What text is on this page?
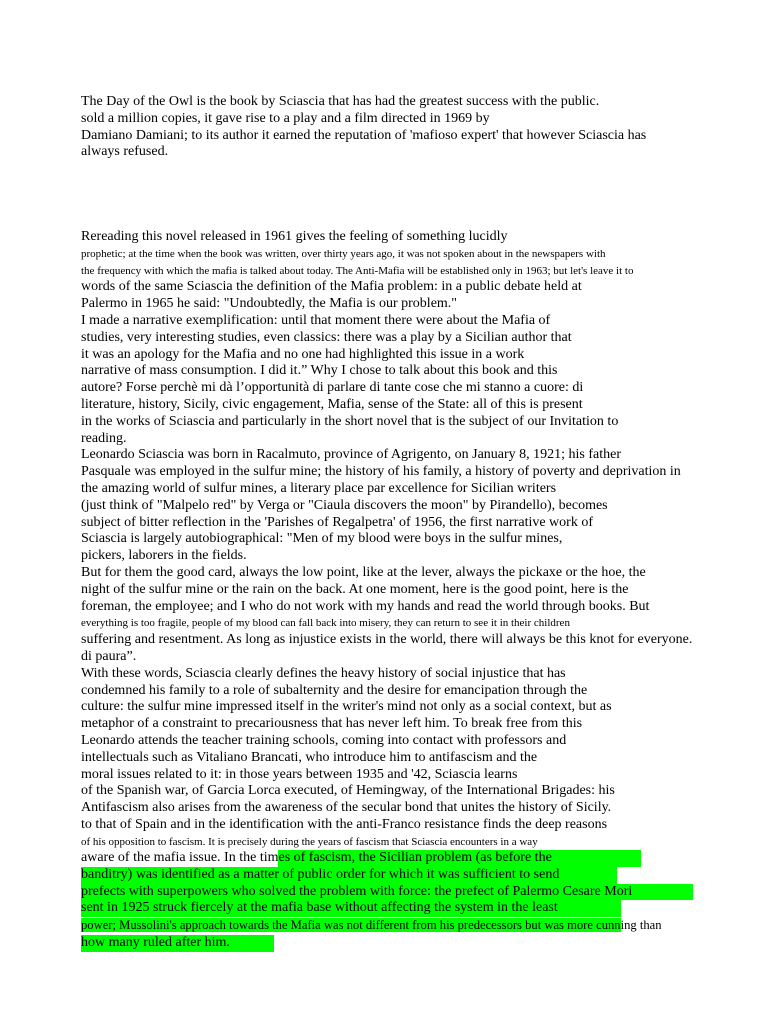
The Day of the Owl is the book by Sciascia that has had the greatest success with the public.
sold a million copies, it gave rise to a play and a film directed in 1969 by
Damiano Damiani; to its author it earned the reputation of 'mafioso expert' that however Sciascia has
always refused.
Rereading this novel released in 1961 gives the feeling of something lucidly
prophetic; at the time when the book was written, over thirty years ago, it was not spoken about in the newspapers with
the frequency with which the mafia is talked about today. The Anti-Mafia will be established only in 1963; but let's leave it to
words of the same Sciascia the definition of the Mafia problem: in a public debate held at
Palermo in 1965 he said: "Undoubtedly, the Mafia is our problem."
I made a narrative exemplification: until that moment there were about the Mafia of
studies, very interesting studies, even classics: there was a play by a Sicilian author that
it was an apology for the Mafia and no one had highlighted this issue in a work
narrative of mass consumption. I did it.” Why I chose to talk about this book and this
autore? Forse perchè mi dà l’opportunità di parlare di tante cose che mi stanno a cuore: di
literature, history, Sicily, civic engagement, Mafia, sense of the State: all of this is present
in the works of Sciascia and particularly in the short novel that is the subject of our Invitation to
reading.
Leonardo Sciascia was born in Racalmuto, province of Agrigento, on January 8, 1921; his father
Pasquale was employed in the sulfur mine; the history of his family, a history of poverty and deprivation in
the amazing world of sulfur mines, a literary place par excellence for Sicilian writers
(just think of "Malpelo red" by Verga or "Ciaula discovers the moon" by Pirandello), becomes
subject of bitter reflection in the 'Parishes of Regalpetra' of 1956, the first narrative work of
Sciascia is largely autobiographical: "Men of my blood were boys in the sulfur mines,
pickers, laborers in the fields.
But for them the good card, always the low point, like at the lever, always the pickaxe or the hoe, the
night of the sulfur mine or the rain on the back. At one moment, here is the good point, here is the
foreman, the employee; and I who do not work with my hands and read the world through books. But
everything is too fragile, people of my blood can fall back into misery, they can return to see it in their children
suffering and resentment. As long as injustice exists in the world, there will always be this knot for everyone.
di paura”.
With these words, Sciascia clearly defines the heavy history of social injustice that has
condemned his family to a role of subalternity and the desire for emancipation through the
culture: the sulfur mine impressed itself in the writer's mind not only as a social context, but as
metaphor of a constraint to precariousness that has never left him. To break free from this
Leonardo attends the teacher training schools, coming into contact with professors and
intellectuals such as Vitaliano Brancati, who introduce him to antifascism and the
moral issues related to it: in those years between 1935 and '42, Sciascia learns
of the Spanish war, of Garcia Lorca executed, of Hemingway, of the International Brigades: his
Antifascism also arises from the awareness of the secular bond that unites the history of Sicily.
to that of Spain and in the identification with the anti-Franco resistance finds the deep reasons
of his opposition to fascism. It is precisely during the years of fascism that Sciascia encounters in a way
aware of the mafia issue. In the times of fascism, the Sicilian problem (as before the
banditry) was identified as a matter of public order for which it was sufficient to send
prefects with superpowers who solved the problem with force: the prefect of Palermo Cesare Mori
sent in 1925 struck fiercely at the mafia base without affecting the system in the least
power; Mussolini's approach towards the Mafia was not different from his predecessors but was more cunning than
how many ruled after him.
